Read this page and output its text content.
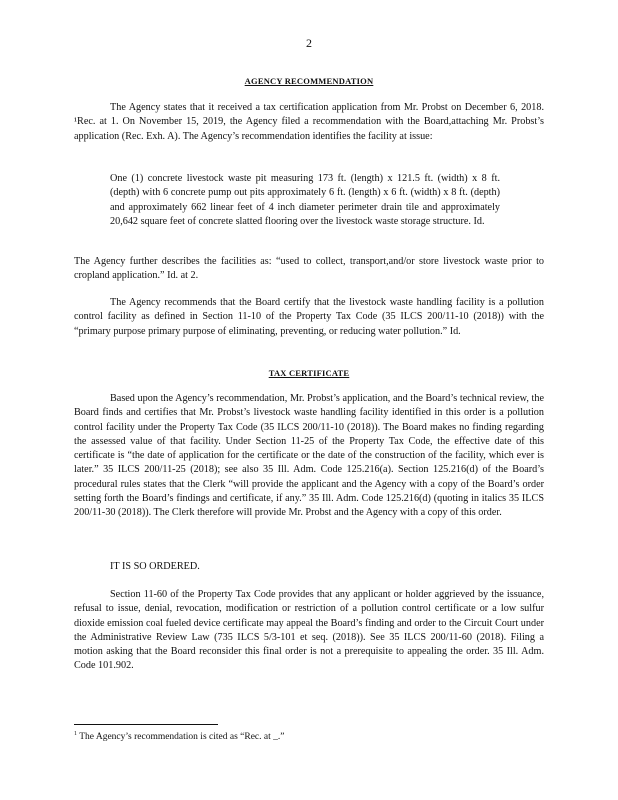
2
AGENCY RECOMMENDATION

The Agency states that it received a tax certification application from Mr. Probst on December 6, 2018. ¹Rec. at 1. On November 15, 2019, the Agency filed a recommendation with the Board,attaching Mr. Probst’s application (Rec. Exh. A). The Agency’s recommendation identifies the facility at issue:

One (1) concrete livestock waste pit measuring 173 ft. (length) x 121.5 ft. (width) x 8 ft. (depth) with 6 concrete pump out pits approximately 6 ft. (length) x 6 ft. (width) x 8 ft. (depth) and approximately 662 linear feet of 4 inch diameter perimeter drain tile and approximately 20,642 square feet of concrete slatted flooring over the livestock waste storage structure. Id.

The Agency further describes the facilities as: “used to collect, transport,and/or store livestock waste prior to cropland application.” Id. at 2.

The Agency recommends that the Board certify that the livestock waste handling facility is a pollution control facility as defined in Section 11-10 of the Property Tax Code (35 ILCS 200/11-10 (2018)) with the “primary purpose primary purpose of eliminating, preventing, or reducing water pollution.” Id.

TAX CERTIFICATE

Based upon the Agency’s recommendation, Mr. Probst’s application, and the Board’s technical review, the Board finds and certifies that Mr. Probst’s livestock waste handling facility identified in this order is a pollution control facility under the Property Tax Code (35 ILCS 200/11-10 (2018)). The Board makes no finding regarding the assessed value of that facility. Under Section 11-25 of the Property Tax Code, the effective date of this certificate is “the date of application for the certificate or the date of the construction of the facility, which ever is later.” 35 ILCS 200/11-25 (2018); see also 35 Ill. Adm. Code 125.216(a). Section 125.216(d) of the Board’s procedural rules states that the Clerk “will provide the applicant and the Agency with a copy of the Board’s order setting forth the Board’s findings and certificate, if any.” 35 Ill. Adm. Code 125.216(d) (quoting in italics 35 ILCS 200/11-30 (2018)). The Clerk therefore will provide Mr. Probst and the Agency with a copy of this order.

IT IS SO ORDERED.

Section 11-60 of the Property Tax Code provides that any applicant or holder aggrieved by the issuance, refusal to issue, denial, revocation, modification or restriction of a pollution control certificate or a low sulfur dioxide emission coal fueled device certificate may appeal the Board’s finding and order to the Circuit Court under the Administrative Review Law (735 ILCS 5/3-101 et seq. (2018)). See 35 ILCS 200/11-60 (2018). Filing a motion asking that the Board reconsider this final order is not a prerequisite to appealing the order. 35 Ill. Adm. Code 101.902.

$^1$ The Agency’s recommendation is cited as “Rec. at _.”
